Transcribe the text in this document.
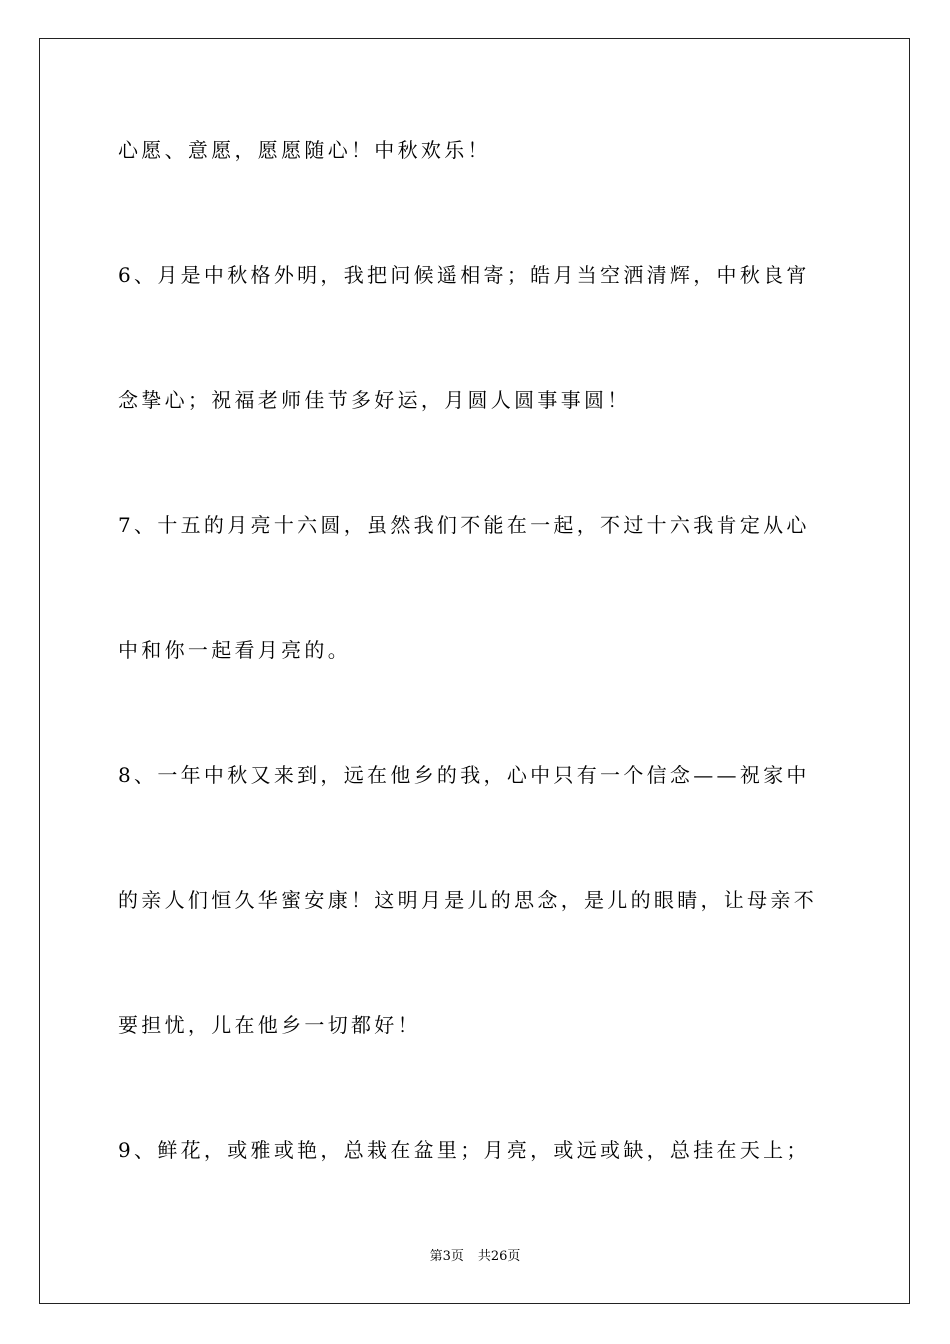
心愿、意愿，愿愿随心！中秋欢乐！
6、月是中秋格外明，我把问候遥相寄；皓月当空洒清辉，中秋良宵
念挚心；祝福老师佳节多好运，月圆人圆事事圆！
7、十五的月亮十六圆，虽然我们不能在一起，不过十六我肯定从心
中和你一起看月亮的。
8、一年中秋又来到，远在他乡的我，心中只有一个信念——祝家中
的亲人们恒久华蜜安康！这明月是儿的思念，是儿的眼睛，让母亲不
要担忧，儿在他乡一切都好！
9、鲜花，或雅或艳，总栽在盆里；月亮，或远或缺，总挂在天上；
第3页 共26页
